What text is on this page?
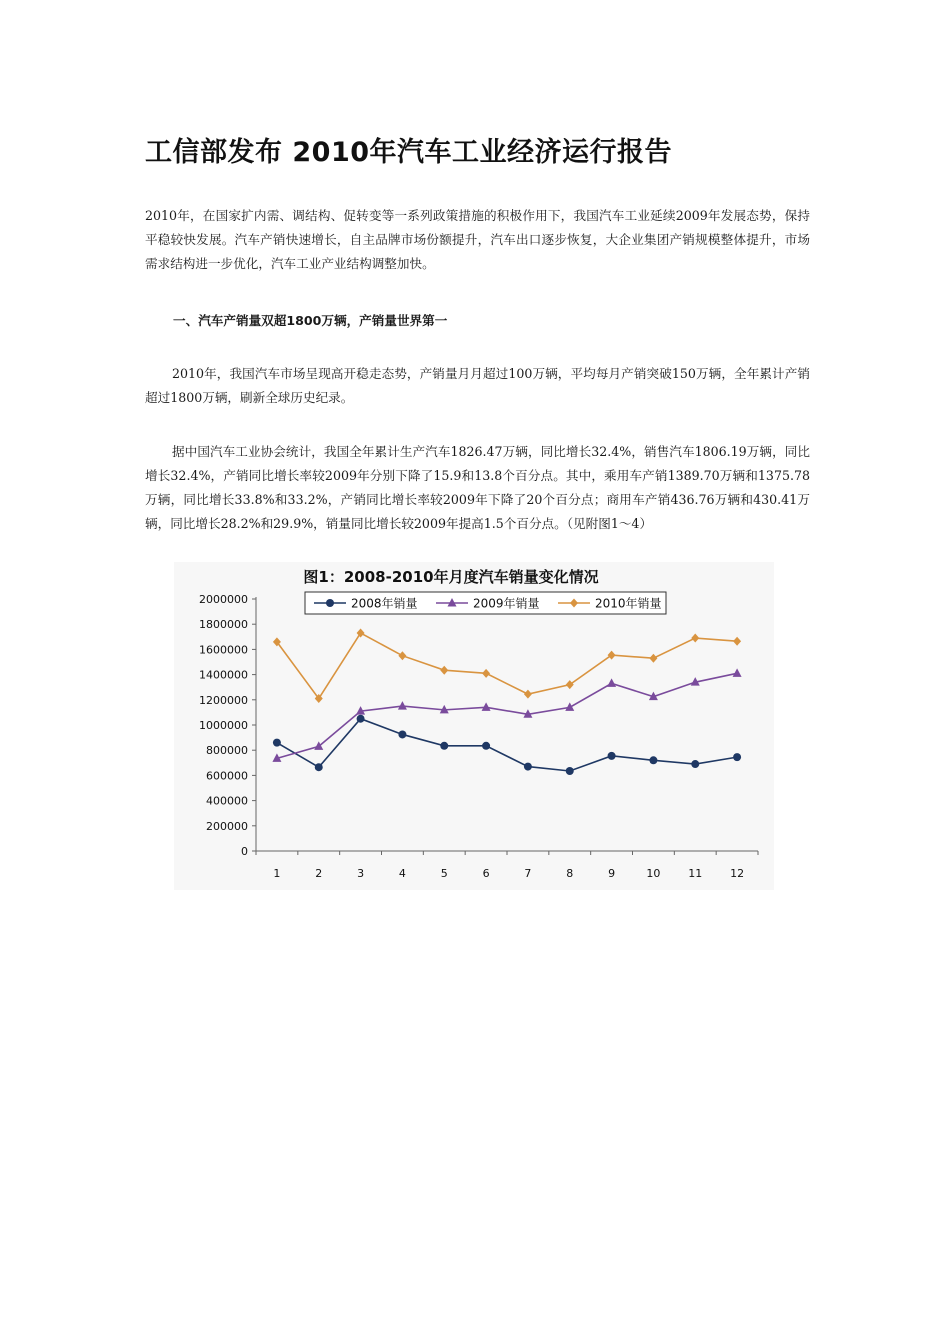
工信部发布 2010年汽车工业经济运行报告

2010年，在国家扩内需、调结构、促转变等一系列政策措施的积极作用下，我国汽车工业延续2009年发展态势，保持平稳较快发展。汽车产销快速增长，自主品牌市场份额提升，汽车出口逐步恢复，大企业集团产销规模整体提升，市场需求结构进一步优化，汽车工业产业结构调整加快。

一、汽车产销量双超1800万辆，产销量世界第一

2010年，我国汽车市场呈现高开稳走态势，产销量月月超过100万辆，平均每月产销突破150万辆，全年累计产销超过1800万辆，刷新全球历史纪录。

据中国汽车工业协会统计，我国全年累计生产汽车1826.47万辆，同比增长32.4%，销售汽车1806.19万辆，同比增长32.4%，产销同比增长率较2009年分别下降了15.9和13.8个百分点。其中，乘用车产销1389.70万辆和1375.78万辆，同比增长33.8%和33.2%，产销同比增长率较2009年下降了20个百分点；商用车产销436.76万辆和430.41万辆，同比增长28.2%和29.9%，销量同比增长较2009年提高1.5个百分点。（见附图1～4）

图1：2008-2010年月度汽车销量变化情况
2008年销量	2009年销量	2010年销量
0
200000
400000
600000
800000
1000000
1200000
1400000
1600000
1800000
2000000
1	2	3	4	5	6	7	8	9	10	11	12
